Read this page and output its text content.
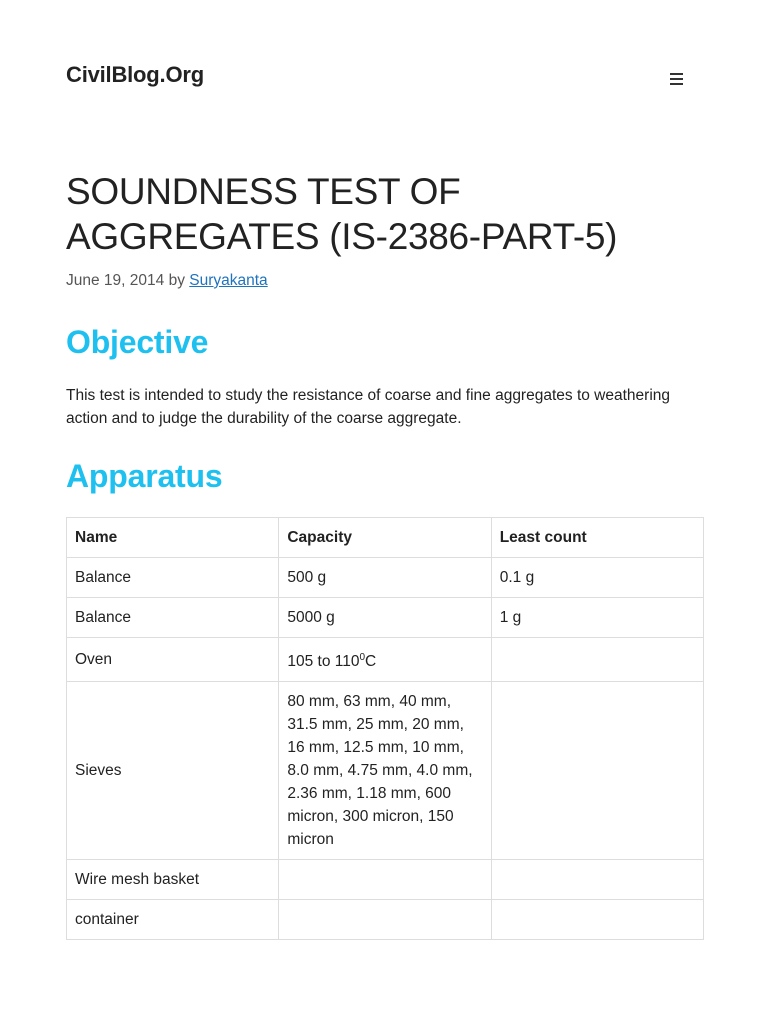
CivilBlog.Org
SOUNDNESS TEST OF AGGREGATES (IS-2386-PART-5)
June 19, 2014 by Suryakanta
Objective

This test is intended to study the resistance of coarse and fine aggregates to weathering action and to judge the durability of the coarse aggregate.

Apparatus
Name	Capacity	Least count
Balance	500 g	0.1 g
Balance	5000 g	1 g
Oven	105 to $110^0C$	
Sieves	80 mm, 63 mm, 40 mm, 31.5 mm, 25 mm, 20 mm, 16 mm, 12.5 mm, 10 mm, 8.0 mm, 4.75 mm, 4.0 mm, 2.36 mm, 1.18 mm, 600 micron, 300 micron, 150 micron	
Wire mesh basket		
container		
